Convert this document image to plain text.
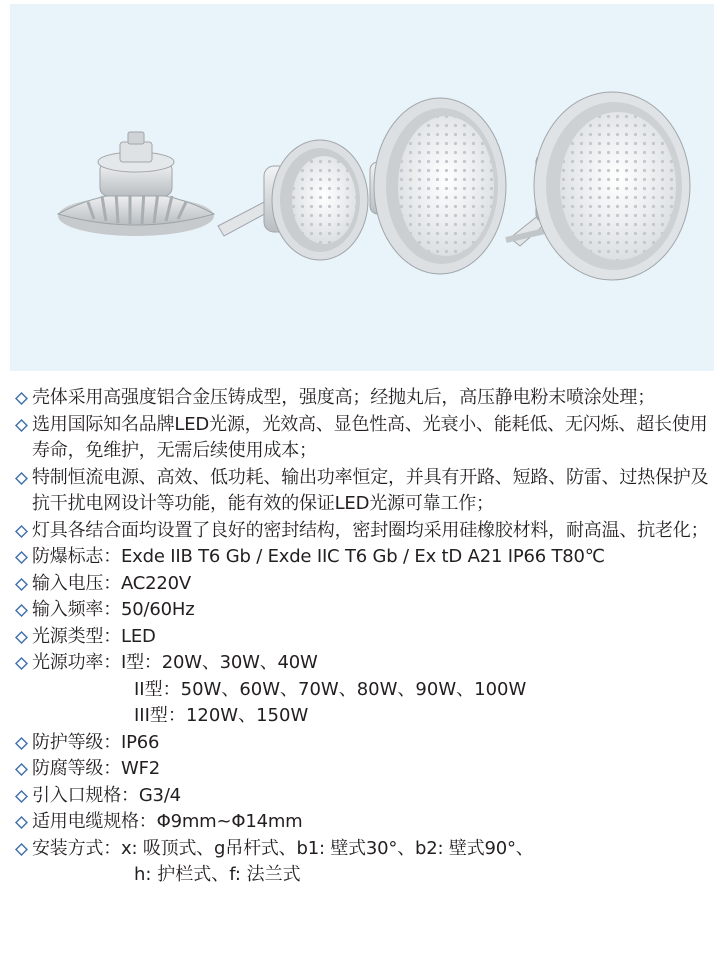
壳体采用高强度铝合金压铸成型，强度高；经抛丸后，高压静电粉末喷涂处理；
选用国际知名品牌LED光源，光效高、显色性高、光衰小、能耗低、无闪烁、超长使用寿命，免维护，无需后续使用成本；
特制恒流电源、高效、低功耗、输出功率恒定，并具有开路、短路、防雷、过热保护及抗干扰电网设计等功能，能有效的保证LED光源可靠工作；
灯具各结合面均设置了良好的密封结构，密封圈均采用硅橡胶材料，耐高温、抗老化；
防爆标志：Exde IIB T6 Gb / Exde IIC T6 Gb / Ex tD A21 IP66 T80℃
输入电压：AC220V
输入频率：50/60Hz
光源类型：LED
光源功率：I型：20W、30W、40W
II型： 50W、60W、70W、80W、90W、100W
III型： 120W、150W
防护等级：IP66
防腐等级：WF2
引入口规格：G3/4
适用电缆规格：Φ9mm~Φ14mm
安装方式：x: 吸顶式、g吊杆式、b1: 壁式30°、b2: 壁式90°、
h: 护栏式、f: 法兰式
